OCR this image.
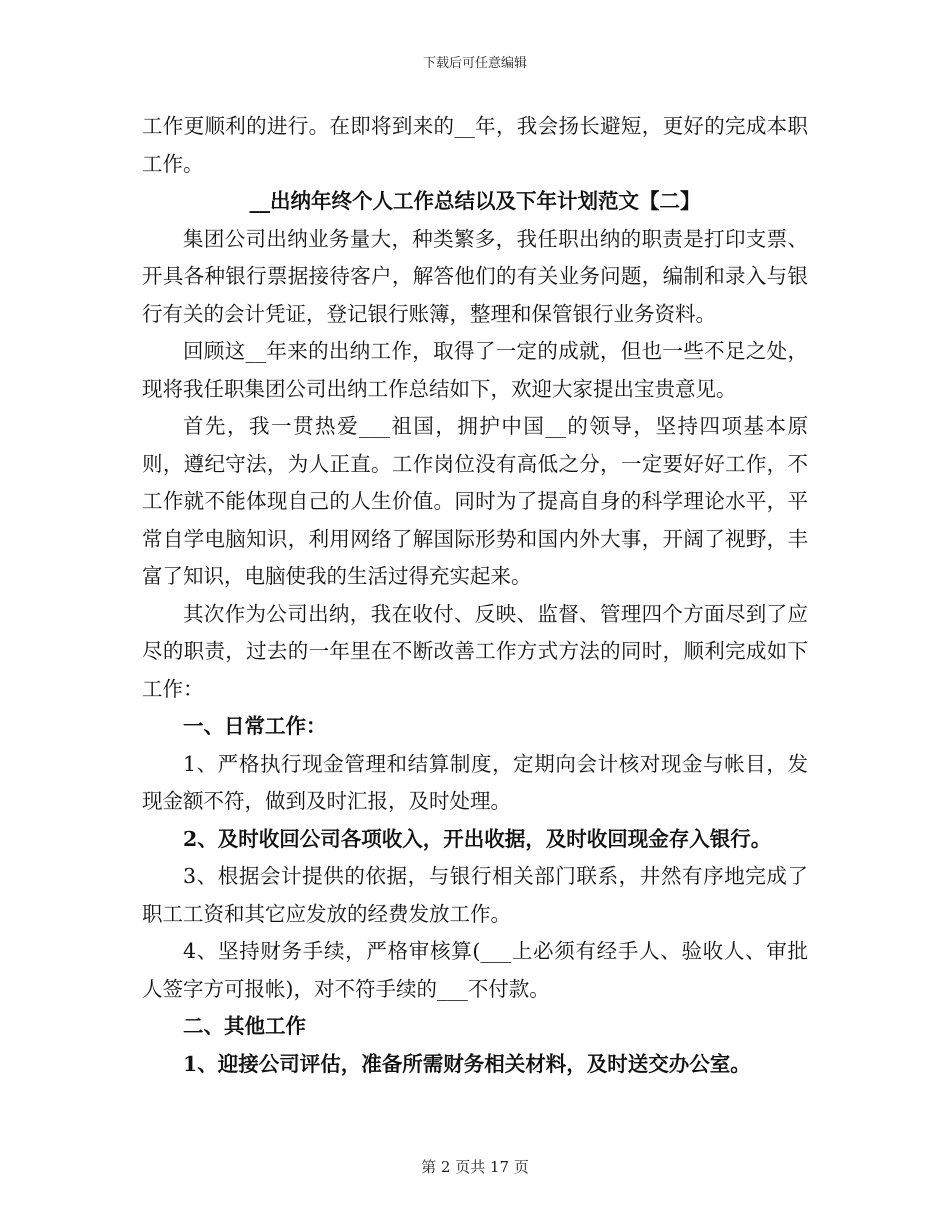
下载后可任意编辑

工作更顺利的进行。在即将到来的__年，我会扬长避短，更好的完成本职工作。

__出纳年终个人工作总结以及下年计划范文【二】

集团公司出纳业务量大，种类繁多，我任职出纳的职责是打印支票、开具各种银行票据接待客户，解答他们的有关业务问题，编制和录入与银行有关的会计凭证，登记银行账簿，整理和保管银行业务资料。

回顾这__年来的出纳工作，取得了一定的成就，但也一些不足之处，现将我任职集团公司出纳工作总结如下，欢迎大家提出宝贵意见。

首先，我一贯热爱___祖国，拥护中国__的领导，坚持四项基本原则，遵纪守法，为人正直。工作岗位没有高低之分，一定要好好工作，不工作就不能体现自己的人生价值。同时为了提高自身的科学理论水平，平常自学电脑知识，利用网络了解国际形势和国内外大事，开阔了视野，丰富了知识，电脑使我的生活过得充实起来。

其次作为公司出纳，我在收付、反映、监督、管理四个方面尽到了应尽的职责，过去的一年里在不断改善工作方式方法的同时，顺利完成如下工作：

一、日常工作：

1、严格执行现金管理和结算制度，定期向会计核对现金与帐目，发现金额不符，做到及时汇报，及时处理。

2、及时收回公司各项收入，开出收据，及时收回现金存入银行。

3、根据会计提供的依据，与银行相关部门联系，井然有序地完成了职工工资和其它应发放的经费发放工作。

4、坚持财务手续，严格审核算(___上必须有经手人、验收人、审批人签字方可报帐)，对不符手续的___不付款。

二、其他工作

1、迎接公司评估，准备所需财务相关材料，及时送交办公室。

第 2 页共 17 页
